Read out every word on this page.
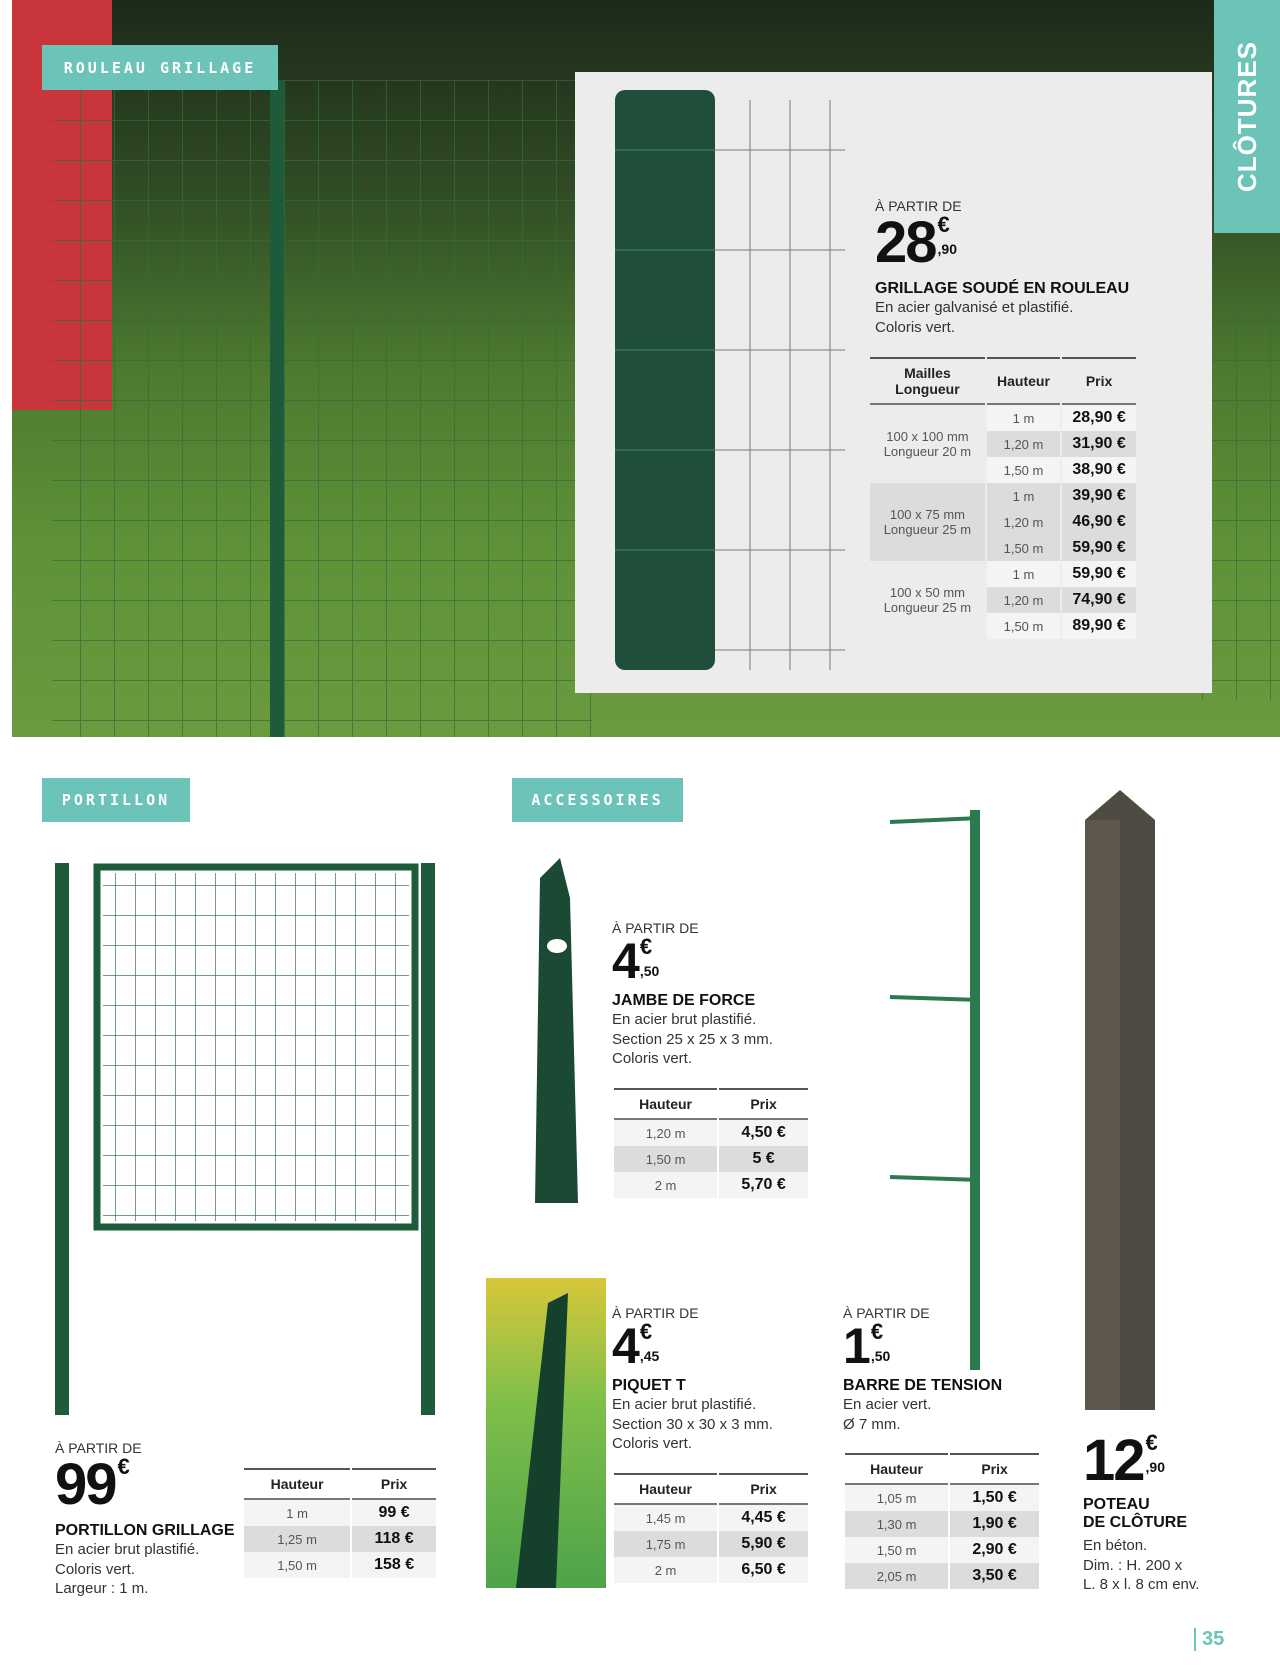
ROULEAU GRILLAGE	CLÔTURES
À PARTIR DE
28 €
,90
GRILLAGE SOUDÉ EN ROULEAU
En acier galvanisé et plastifié.
Coloris vert.
Mailles
Longueur	Hauteur	Prix

100 x 100 mm
Longueur 20 m	1 m	28,90 €
	1,20 m	31,90 €
	1,50 m	38,90 €

100 x 75 mm
Longueur 25 m	1 m	39,90 €
	1,20 m	46,90 €
	1,50 m	59,90 €

100 x 50 mm
Longueur 25 m	1 m	59,90 €
	1,20 m	74,90 €
	1,50 m	89,90 €
PORTILLON
À PARTIR DE
99 €
PORTILLON GRILLAGE
En acier brut plastifié.
Coloris vert.
Largeur : 1 m.
Hauteur	Prix
1 m	99 €
1,25 m	118 €
1,50 m	158 €
ACCESSOIRES
À PARTIR DE
4 €
,50
JAMBE DE FORCE
En acier brut plastifié.
Section 25 x 25 x 3 mm.
Coloris vert.
Hauteur	Prix
1,20 m	4,50 €
1,50 m	5 €
2 m	5,70 €
À PARTIR DE
4 €
,45
PIQUET T
En acier brut plastifié.
Section 30 x 30 x 3 mm.
Coloris vert.
Hauteur	Prix
1,45 m	4,45 €
1,75 m	5,90 €
2 m	6,50 €
À PARTIR DE
1 €
,50
BARRE DE TENSION
En acier vert.
Ø 7 mm.
Hauteur	Prix
1,05 m	1,50 €
1,30 m	1,90 €
1,50 m	2,90 €
2,05 m	3,50 €
12 €
,90
POTEAU
DE CLÔTURE
En béton.
Dim. : H. 200 x
L. 8 x l. 8 cm env.
35
